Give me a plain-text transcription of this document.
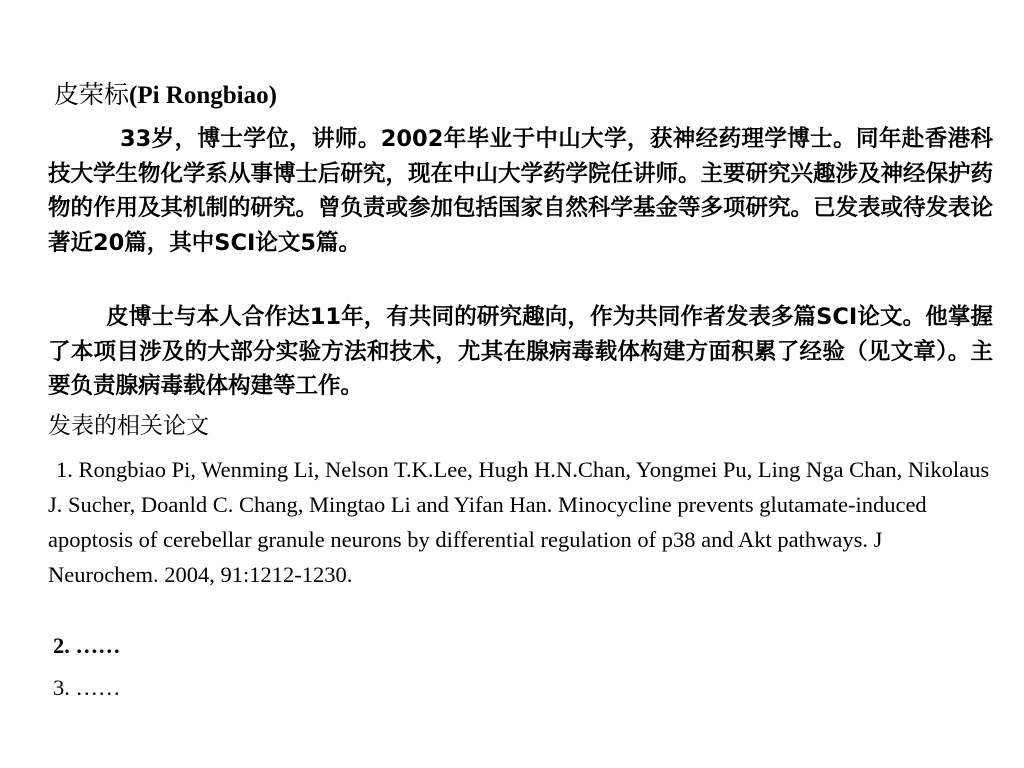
皮荣标(Pi Rongbiao)
33岁，博士学位，讲师。2002年毕业于中山大学，获神经药理学博士。同年赴香港科技大学生物化学系从事博士后研究，现在中山大学药学院任讲师。主要研究兴趣涉及神经保护药物的作用及其机制的研究。曾负责或参加包括国家自然科学基金等多项研究。已发表或待发表论著近20篇，其中SCI论文5篇。
皮博士与本人合作达11年，有共同的研究趣向，作为共同作者发表多篇SCI论文。他掌握了本项目涉及的大部分实验方法和技术，尤其在腺病毒载体构建方面积累了经验（见文章）。主要负责腺病毒载体构建等工作。
发表的相关论文
1. Rongbiao Pi, Wenming Li, Nelson T.K.Lee, Hugh H.N.Chan, Yongmei Pu, Ling Nga Chan, Nikolaus J. Sucher, Doanld C. Chang, Mingtao Li and Yifan Han. Minocycline prevents glutamate-induced apoptosis of cerebellar granule neurons by differential regulation of p38 and Akt pathways. J Neurochem. 2004, 91:1212-1230.
2. ……
3. ……
